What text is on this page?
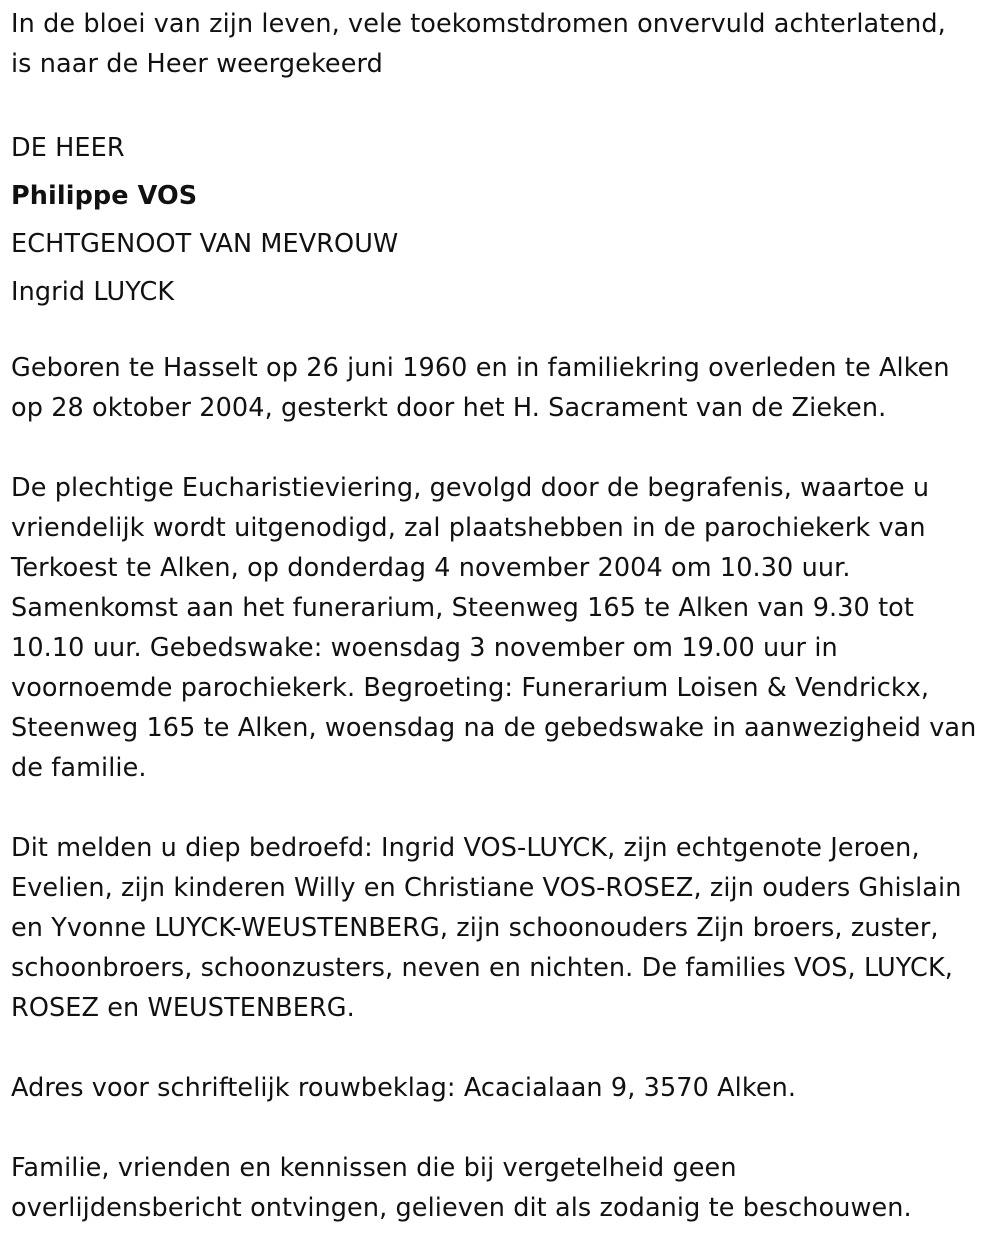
In de bloei van zijn leven, vele toekomstdromen onvervuld achterlatend,
is naar de Heer weergekeerd
DE HEER
Philippe VOS
ECHTGENOOT VAN MEVROUW
Ingrid LUYCK
Geboren te Hasselt op 26 juni 1960 en in familiekring overleden te Alken
op 28 oktober 2004, gesterkt door het H. Sacrament van de Zieken.
De plechtige Eucharistieviering, gevolgd door de begrafenis, waartoe u
vriendelijk wordt uitgenodigd, zal plaatshebben in de parochiekerk van
Terkoest te Alken, op donderdag 4 november 2004 om 10.30 uur.
Samenkomst aan het funerarium, Steenweg 165 te Alken van 9.30 tot
10.10 uur. Gebedswake: woensdag 3 november om 19.00 uur in
voornoemde parochiekerk. Begroeting: Funerarium Loisen & Vendrickx,
Steenweg 165 te Alken, woensdag na de gebedswake in aanwezigheid van
de familie.
Dit melden u diep bedroefd: Ingrid VOS-LUYCK, zijn echtgenote Jeroen,
Evelien, zijn kinderen Willy en Christiane VOS-ROSEZ, zijn ouders Ghislain
en Yvonne LUYCK-WEUSTENBERG, zijn schoonouders Zijn broers, zuster,
schoonbroers, schoonzusters, neven en nichten. De families VOS, LUYCK,
ROSEZ en WEUSTENBERG.
Adres voor schriftelijk rouwbeklag: Acacialaan 9, 3570 Alken.
Familie, vrienden en kennissen die bij vergetelheid geen
overlijdensbericht ontvingen, gelieven dit als zodanig te beschouwen.
